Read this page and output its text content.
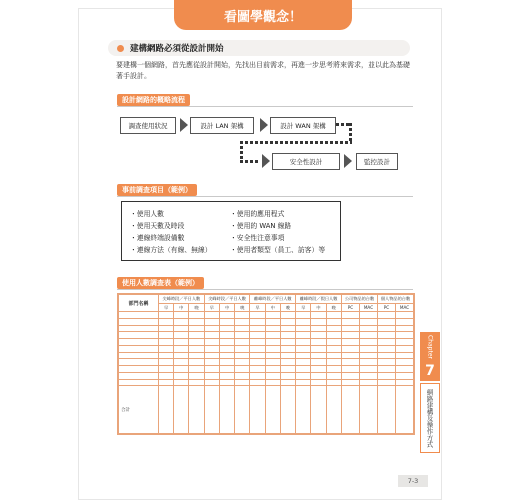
看圖學觀念！
建構網路必須從設計開始
要建構一個網路，首先應從設計開始，先找出目前需求，再進一步思考將來需求，並以此為基礎著手設計。
設計網路的概略流程
調查使用狀況	設計 LAN 架構	設計 WAN 架構
安全性設計	監控設計
事前調查項目（範例）
・使用人數
・使用天數及時段
・連線終端設備數
・連線方法（有線、無線）
・使用的應用程式
・使用的 WAN 線路
・安全性注意事項
・使用者類型（員工、訪客）等
使用人數調查表（範例）
部門名稱	尖峰時段／平日人數			尖峰時段／平日人數			離峰時段／平日人數			離峰時段／假日人數			公司物品的台數		個人物品的台數	
	早	中	晚	早	中	晚	早	中	晚	早	中	晚	PC	MAC	PC	MAC

合計																
Chapter
7
網路建構及操作方式
7-3
